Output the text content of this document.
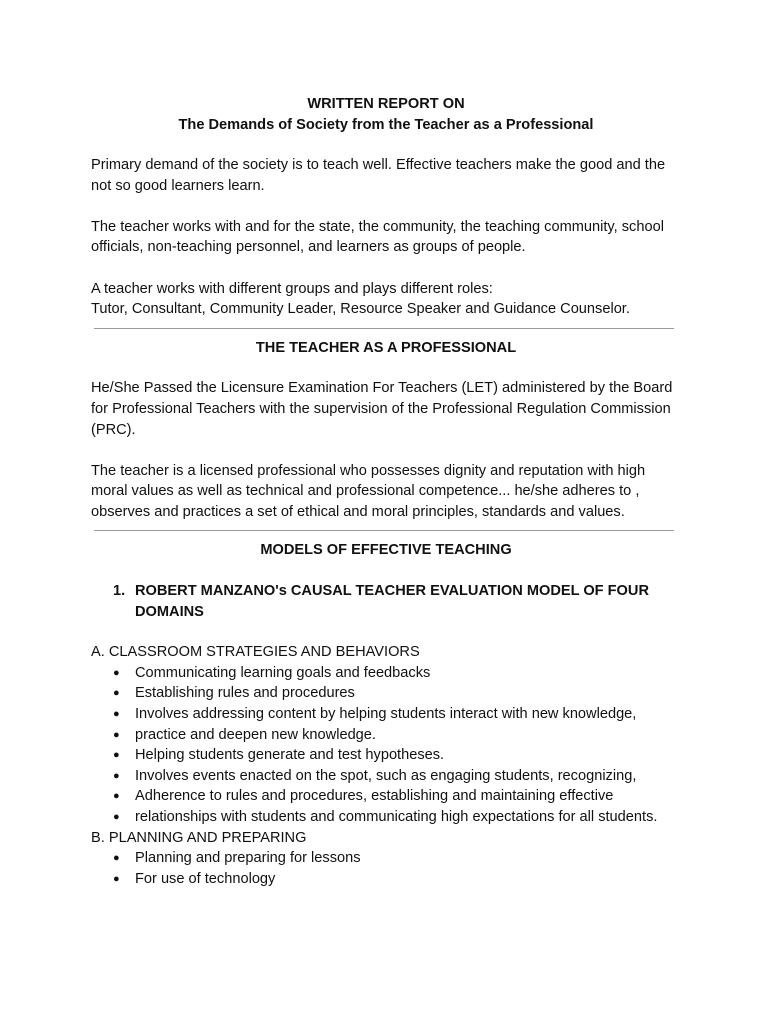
WRITTEN REPORT ON

The Demands of Society from the Teacher as a Professional

Primary demand of the society is to teach well. Effective teachers make the good and the not so good learners learn.

The teacher works with and for the state, the community, the teaching community, school officials, non-teaching personnel, and learners as groups of people.

A teacher works with different groups and plays different roles:

Tutor, Consultant, Community Leader, Resource Speaker and Guidance Counselor.

THE TEACHER AS A PROFESSIONAL

He/She Passed the Licensure Examination For Teachers (LET) administered by the Board for Professional Teachers with the supervision of the Professional Regulation Commission (PRC).

The teacher is a licensed professional who possesses dignity and reputation with high moral values as well as technical and professional competence... he/she adheres to , observes and practices a set of ethical and moral principles, standards and values.

MODELS OF EFFECTIVE TEACHING

1. ROBERT MANZANO's CAUSAL TEACHER EVALUATION MODEL OF FOUR DOMAINS

A. CLASSROOM STRATEGIES AND BEHAVIORS

●	Communicating learning goals and feedbacks
●	Establishing rules and procedures
●	Involves addressing content by helping students interact with new knowledge,
●	practice and deepen new knowledge.
●	Helping students generate and test hypotheses.
●	Involves events enacted on the spot, such as engaging students, recognizing,
●	Adherence to rules and procedures, establishing and maintaining effective
●	relationships with students and communicating high expectations for all students.

B. PLANNING AND PREPARING

●	Planning and preparing for lessons
●	For use of technology
